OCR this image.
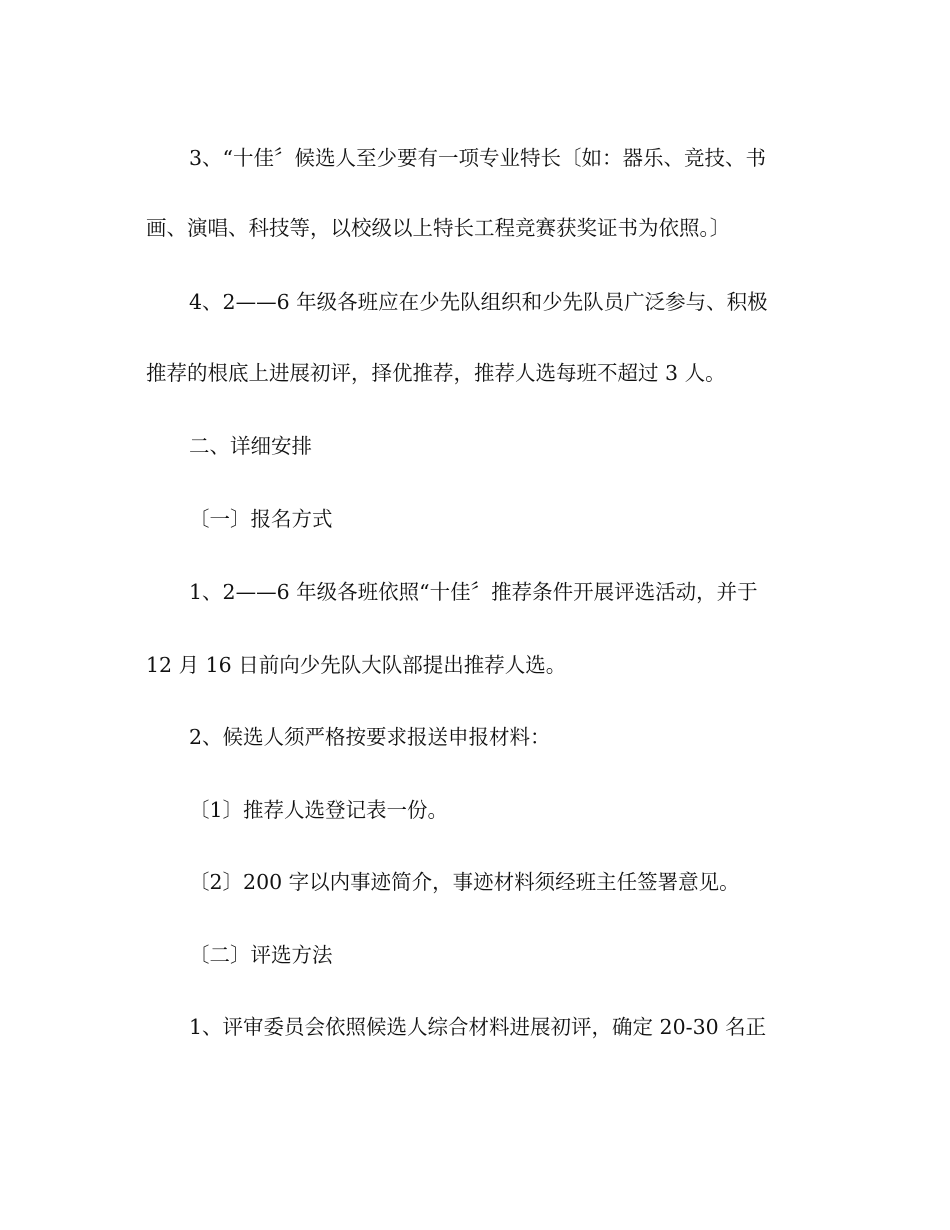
3、“十佳〞候选人至少要有一项专业特长〔如：器乐、竞技、书
画、演唱、科技等，以校级以上特长工程竞赛获奖证书为依照。〕
4、2——6 年级各班应在少先队组织和少先队员广泛参与、积极
推荐的根底上进展初评，择优推荐，推荐人选每班不超过 3 人。
二、详细安排
〔一〕报名方式
1、2——6 年级各班依照“十佳〞推荐条件开展评选活动，并于
12 月 16 日前向少先队大队部提出推荐人选。
2、候选人须严格按要求报送申报材料：
〔1〕推荐人选登记表一份。
〔2〕200 字以内事迹简介，事迹材料须经班主任签署意见。
〔二〕评选方法
1、评审委员会依照候选人综合材料进展初评，确定 20-30 名正
